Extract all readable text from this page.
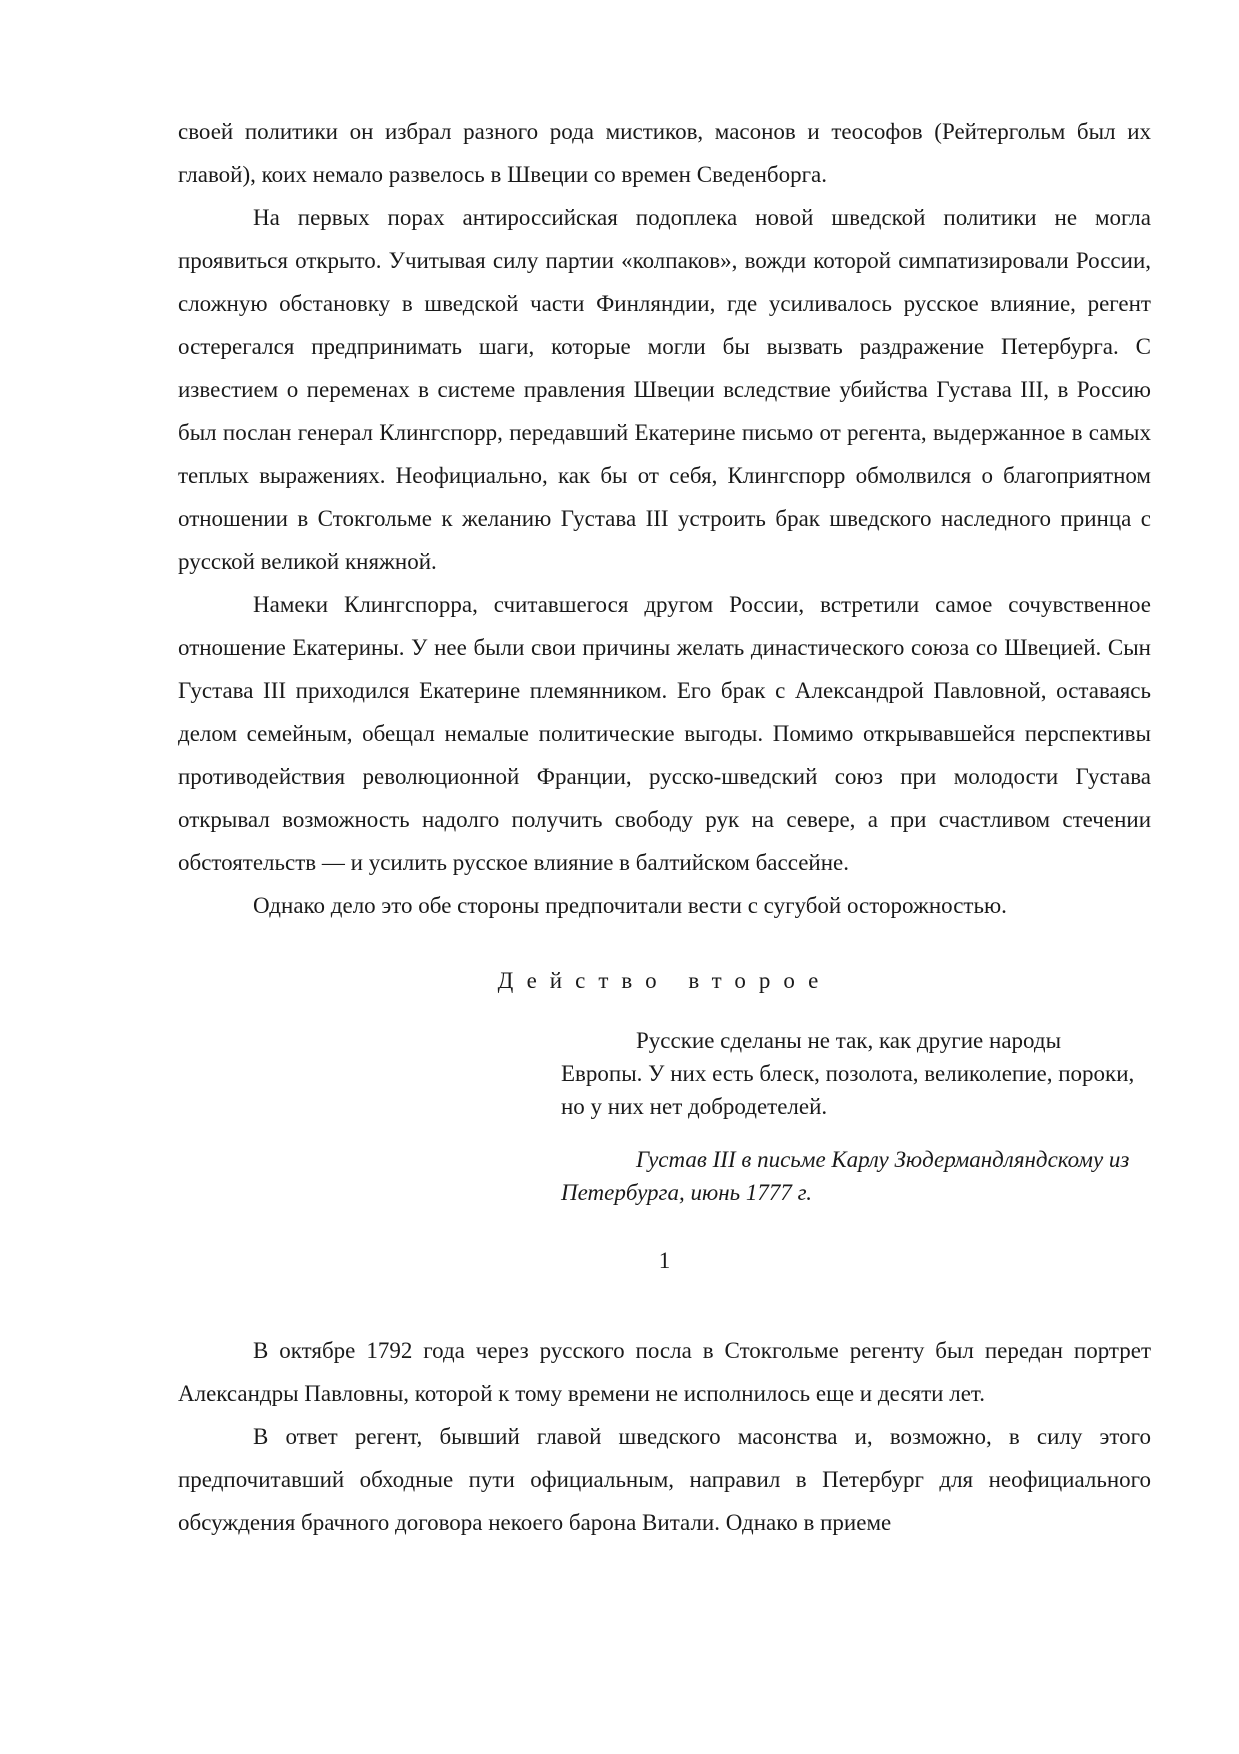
своей политики он избрал разного рода мистиков, масонов и теософов (Рейтергольм был их главой), коих немало развелось в Швеции со времен Сведенборга.

На первых порах антироссийская подоплека новой шведской политики не могла проявиться открыто. Учитывая силу партии «колпаков», вожди которой симпатизировали России, сложную обстановку в шведской части Финляндии, где усиливалось русское влияние, регент остерегался предпринимать шаги, которые могли бы вызвать раздражение Петербурга. С известием о переменах в системе правления Швеции вследствие убийства Густава III, в Россию был послан генерал Клингспорр, передавший Екатерине письмо от регента, выдержанное в самых теплых выражениях. Неофициально, как бы от себя, Клингспорр обмолвился о благоприятном отношении в Стокгольме к желанию Густава III устроить брак шведского наследного принца с русской великой княжной.

Намеки Клингспорра, считавшегося другом России, встретили самое сочувственное отношение Екатерины. У нее были свои причины желать династического союза со Швецией. Сын Густава III приходился Екатерине племянником. Его брак с Александрой Павловной, оставаясь делом семейным, обещал немалые политические выгоды. Помимо открывавшейся перспективы противодействия революционной Франции, русско-шведский союз при молодости Густава открывал возможность надолго получить свободу рук на севере, а при счастливом стечении обстоятельств — и усилить русское влияние в балтийском бассейне.

Однако дело это обе стороны предпочитали вести с сугубой осторожностью.

Действо второе

Русские сделаны не так, как другие народы Европы. У них есть блеск, позолота, великолепие, пороки, но у них нет добродетелей.

Густав III в письме Карлу Зюдермандляндскому из Петербурга, июнь 1777 г.

1

В октябре 1792 года через русского посла в Стокгольме регенту был передан портрет Александры Павловны, которой к тому времени не исполнилось еще и десяти лет.

В ответ регент, бывший главой шведского масонства и, возможно, в силу этого предпочитавший обходные пути официальным, направил в Петербург для неофициального обсуждения брачного договора некоего барона Витали. Однако в приеме
